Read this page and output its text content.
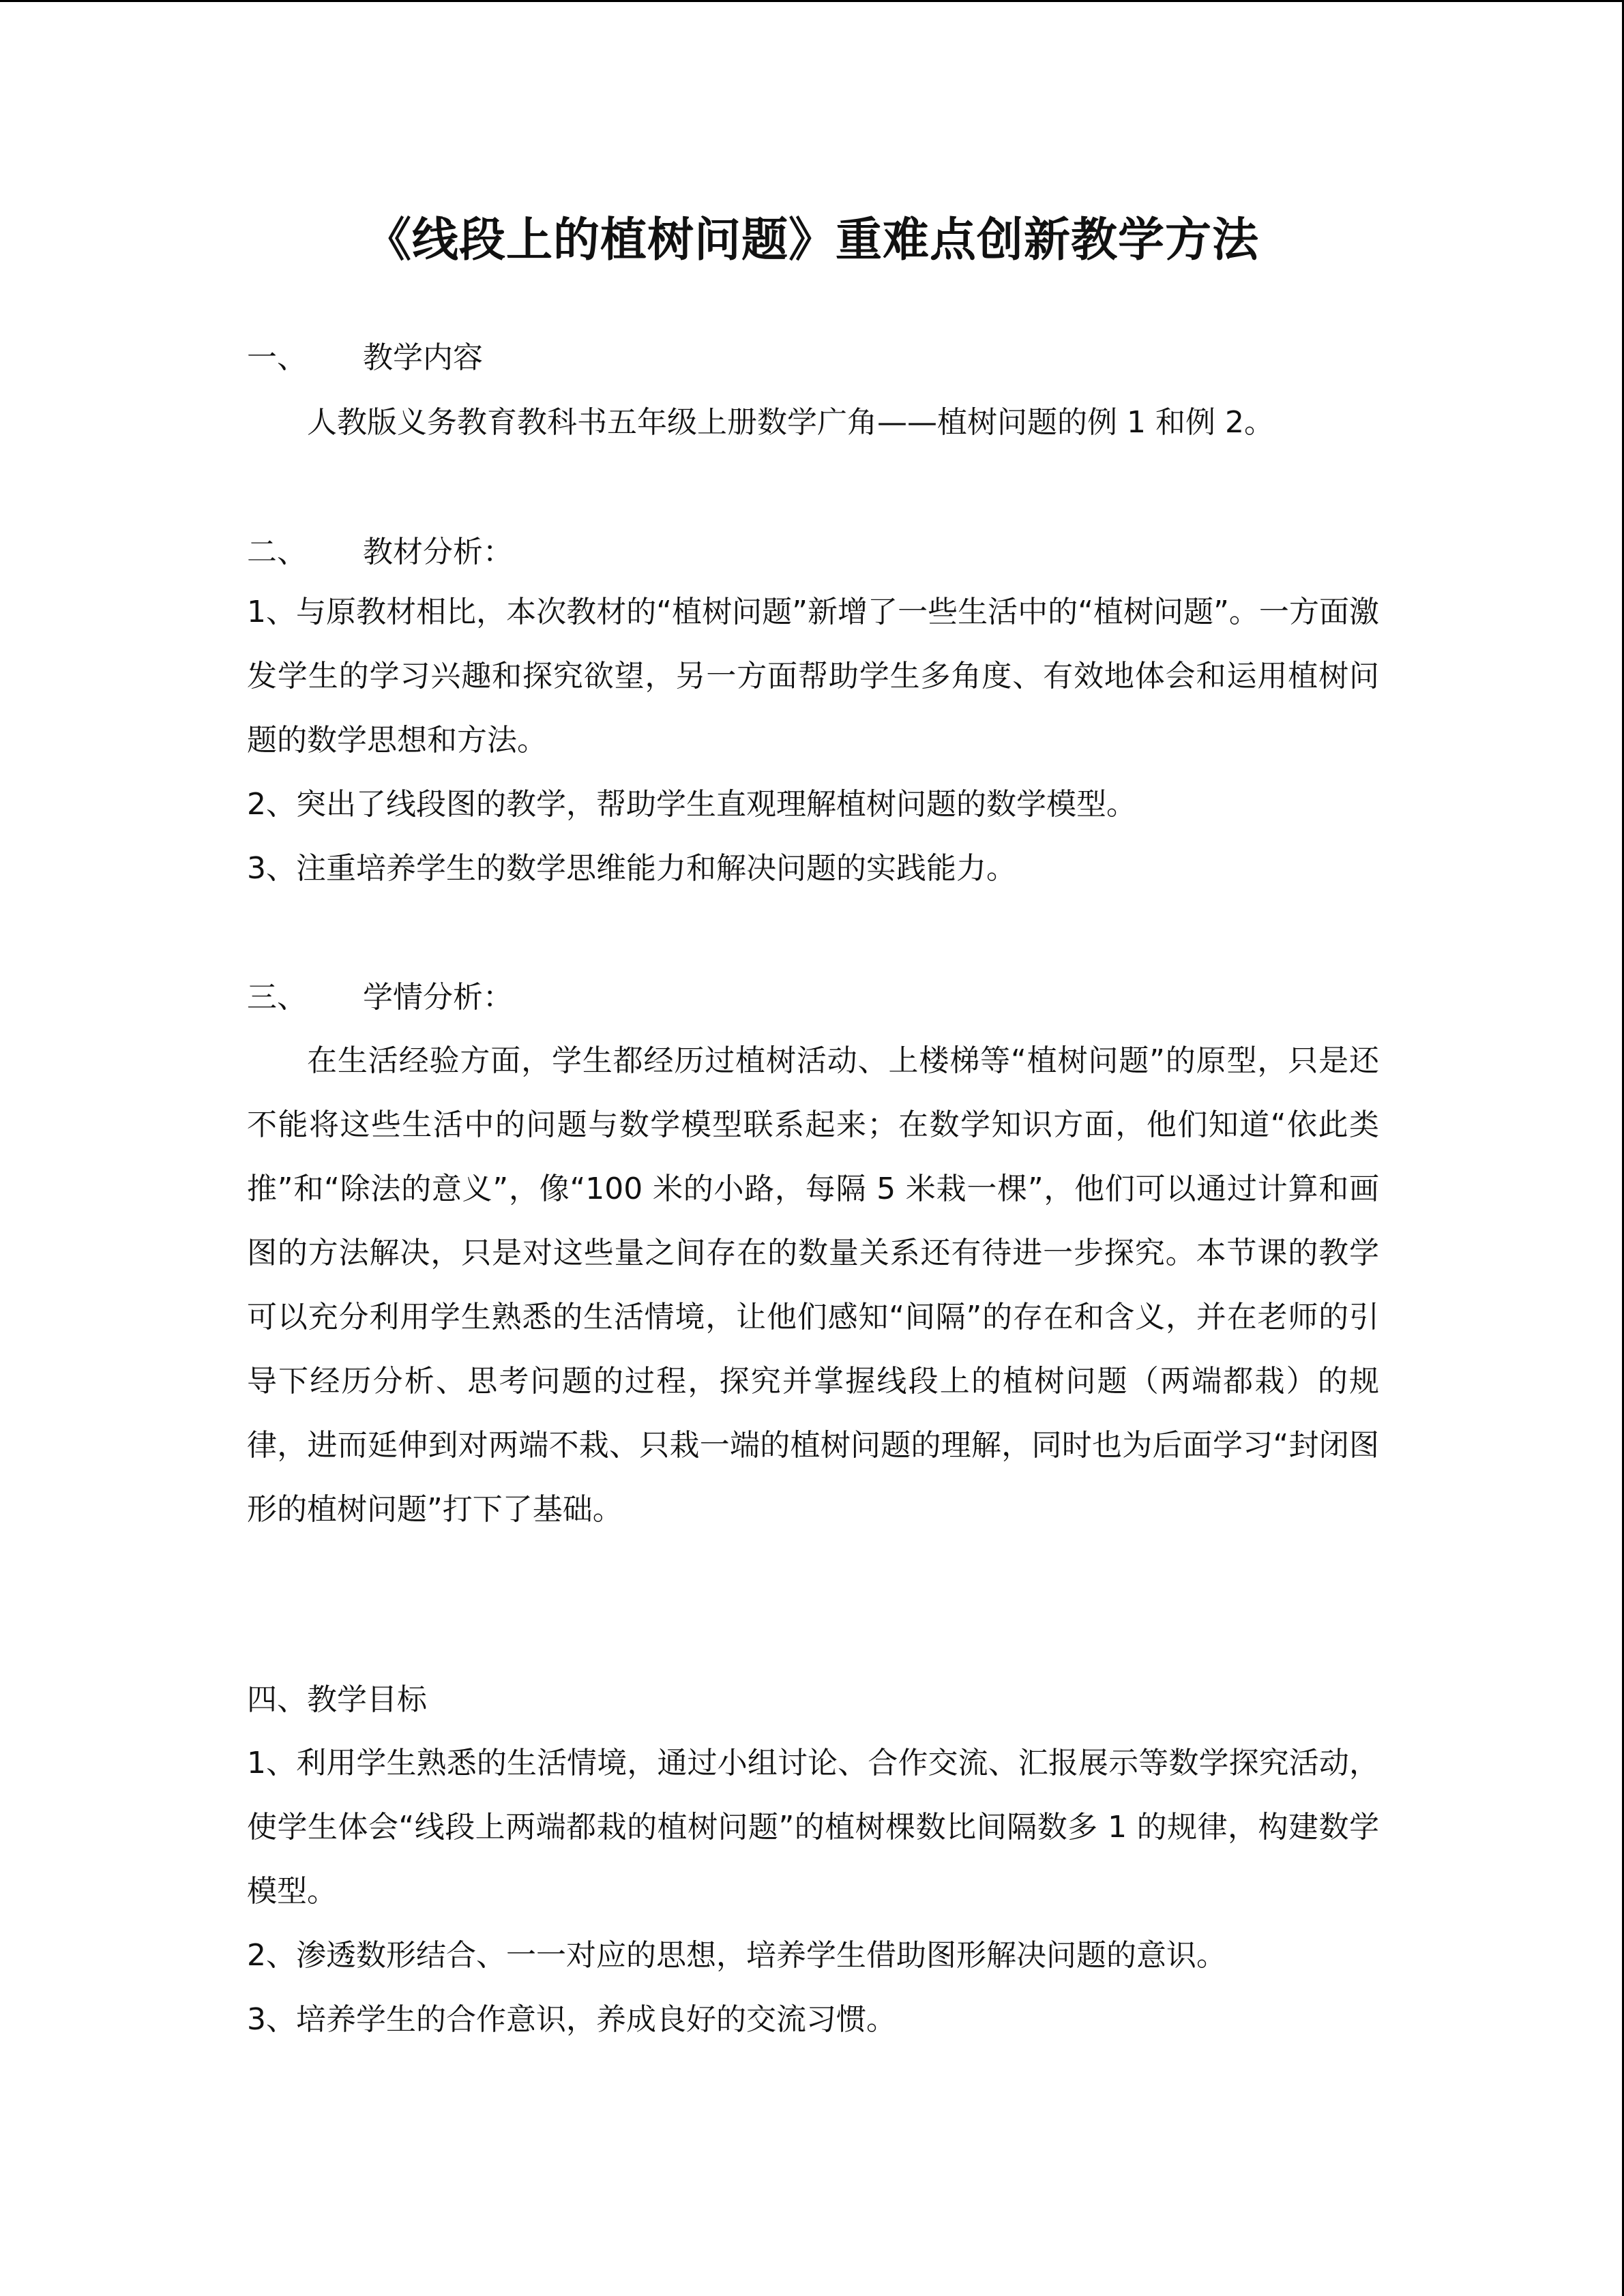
《线段上的植树问题》重难点创新教学方法
一、 教学内容
人教版义务教育教科书五年级上册数学广角——植树问题的例 1 和例 2。
二、 教材分析：
1、与原教材相比，本次教材的“植树问题”新增了一些生活中的“植树问题”。一方面激发学生的学习兴趣和探究欲望，另一方面帮助学生多角度、有效地体会和运用植树问题的数学思想和方法。
2、突出了线段图的教学，帮助学生直观理解植树问题的数学模型。
3、注重培养学生的数学思维能力和解决问题的实践能力。
三、 学情分析：
在生活经验方面，学生都经历过植树活动、上楼梯等“植树问题”的原型，只是还不能将这些生活中的问题与数学模型联系起来；在数学知识方面，他们知道“依此类推”和“除法的意义”，像“100 米的小路，每隔 5 米栽一棵”，他们可以通过计算和画图的方法解决，只是对这些量之间存在的数量关系还有待进一步探究。本节课的教学可以充分利用学生熟悉的生活情境，让他们感知“间隔”的存在和含义，并在老师的引导下经历分析、思考问题的过程，探究并掌握线段上的植树问题（两端都栽）的规律，进而延伸到对两端不栽、只栽一端的植树问题的理解，同时也为后面学习“封闭图形的植树问题”打下了基础。
四、教学目标
1、利用学生熟悉的生活情境，通过小组讨论、合作交流、汇报展示等数学探究活动，使学生体会“线段上两端都栽的植树问题”的植树棵数比间隔数多 1 的规律，构建数学模型。
2、渗透数形结合、一一对应的思想，培养学生借助图形解决问题的意识。
3、培养学生的合作意识，养成良好的交流习惯。
